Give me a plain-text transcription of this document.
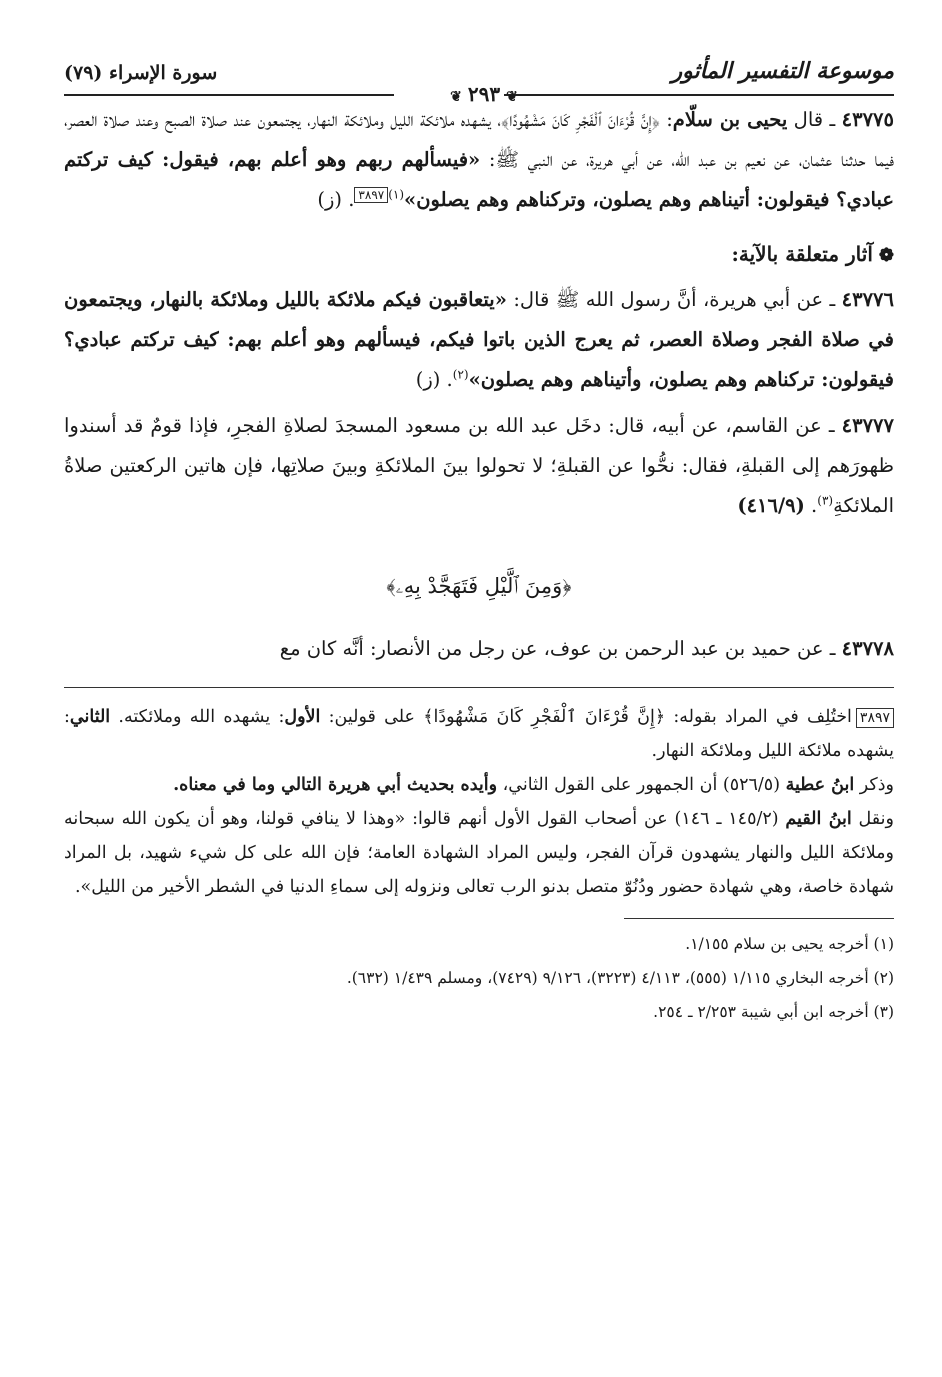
موسوعة التفسير المأثور
سورة الإسراء (٧٩)
❦٢٩٣❦

٤٣٧٧٥ ـ قال يحيى بن سلّام: ﴿إِنَّ قُرْءَانَ ٱلْفَجْرِ كَانَ مَشْهُودًا﴾، يشهده ملائكة الليل وملائكة النهار، يجتمعون عند صلاة الصبح وعند صلاة العصر، فيما حدثنا عثمان، عن نعيم بن عبد الله، عن أبي هريرة، عن النبي ﷺ: «فيسألهم ربهم وهو أعلم بهم، فيقول: كيف تركتم عبادي؟ فيقولون: أتيناهم وهم يصلون، وتركناهم وهم يصلون»$^{(١)}$٣٨٩٧. (ز)

❁آثار متعلقة بالآية:

٤٣٧٧٦ ـ عن أبي هريرة، أنَّ رسول الله ﷺ قال: «يتعاقبون فيكم ملائكة بالليل وملائكة بالنهار، ويجتمعون في صلاة الفجر وصلاة العصر، ثم يعرج الذين باتوا فيكم، فيسألهم وهو أعلم بهم: كيف تركتم عبادي؟ فيقولون: تركناهم وهم يصلون، وأتيناهم وهم يصلون»$^{(٢)}$. (ز)

٤٣٧٧٧ ـ عن القاسم، عن أبيه، قال: دخَل عبد الله بن مسعود المسجدَ لصلاةِ الفجرِ، فإذا قومٌ قد أسندوا ظهورَهم إلى القبلةِ، فقال: نحُّوا عن القبلةِ؛ لا تحولوا بينَ الملائكةِ وبينَ صلاتِها، فإن هاتين الركعتين صلاةُ الملائكةِ$^{(٣)}$. (٤١٦/٩)

﴿وَمِنَ ٱلَّيْلِ فَتَهَجَّدْ بِهِۦ﴾

٤٣٧٧٨ ـ عن حميد بن عبد الرحمن بن عوف، عن رجل من الأنصار: أنَّه كان مع

٣٨٩٧اختُلِف في المراد بقوله: ﴿إِنَّ قُرْءَانَ ٱلْفَجْرِ كَانَ مَشْهُودًا﴾ على قولين: الأول: يشهده الله وملائكته. الثاني: يشهده ملائكة الليل وملائكة النهار.

وذكر ابنُ عطية (٥٢٦/٥) أن الجمهور على القول الثاني، وأيده بحديث أبي هريرة التالي وما في معناه.

ونقل ابنُ القيم (١٤٥/٢ ـ ١٤٦) عن أصحاب القول الأول أنهم قالوا: «وهذا لا ينافي قولنا، وهو أن يكون الله سبحانه وملائكة الليل والنهار يشهدون قرآن الفجر، وليس المراد الشهادة العامة؛ فإن الله على كل شيء شهيد، بل المراد شهادة خاصة، وهي شهادة حضور ودُنُوّ متصل بدنو الرب تعالى ونزوله إلى سماءِ الدنيا في الشطر الأخير من الليل».

(١) أخرجه يحيى بن سلام ١/١٥٥.

(٢) أخرجه البخاري ١/١١٥ (٥٥٥)، ٤/١١٣ (٣٢٢٣)، ٩/١٢٦ (٧٤٢٩)، ومسلم ١/٤٣٩ (٦٣٢).

(٣) أخرجه ابن أبي شيبة ٢/٢٥٣ ـ ٢٥٤.
